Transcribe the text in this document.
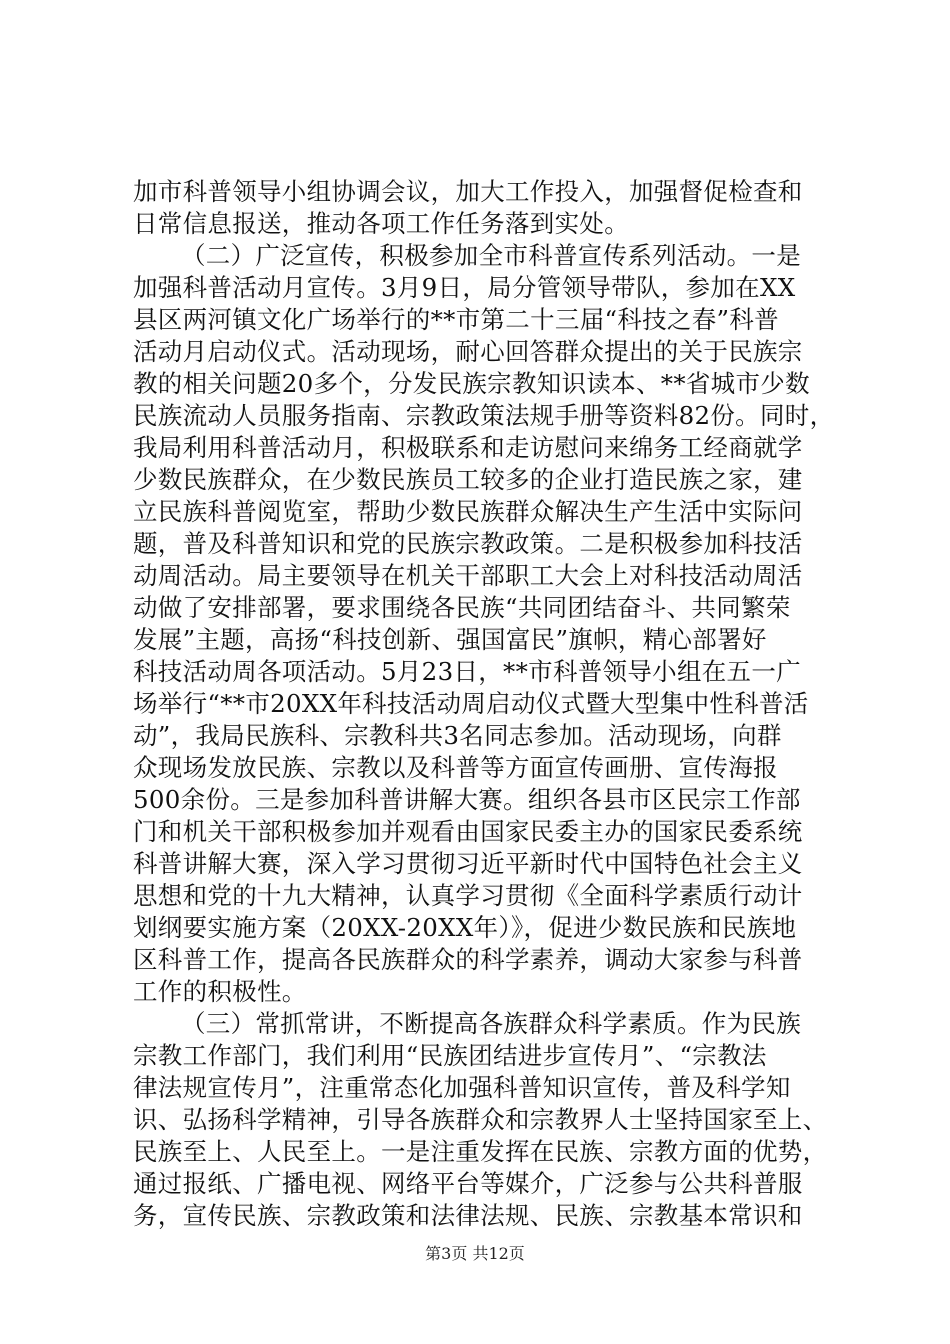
加市科普领导小组协调会议，加大工作投入，加强督促检查和
日常信息报送，推动各项工作任务落到实处。
（二）广泛宣传，积极参加全市科普宣传系列活动。一是
加强科普活动月宣传。3月9日，局分管领导带队，参加在XX
县区两河镇文化广场举行的**市第二十三届“科技之春”科普
活动月启动仪式。活动现场，耐心回答群众提出的关于民族宗
教的相关问题20多个，分发民族宗教知识读本、**省城市少数
民族流动人员服务指南、宗教政策法规手册等资料82份。同时，
我局利用科普活动月，积极联系和走访慰问来绵务工经商就学
少数民族群众，在少数民族员工较多的企业打造民族之家，建
立民族科普阅览室，帮助少数民族群众解决生产生活中实际问
题，普及科普知识和党的民族宗教政策。二是积极参加科技活
动周活动。局主要领导在机关干部职工大会上对科技活动周活
动做了安排部署，要求围绕各民族“共同团结奋斗、共同繁荣
发展”主题，高扬“科技创新、强国富民”旗帜，精心部署好
科技活动周各项活动。5月23日，**市科普领导小组在五一广
场举行“**市20XX年科技活动周启动仪式暨大型集中性科普活
动”，我局民族科、宗教科共3名同志参加。活动现场，向群
众现场发放民族、宗教以及科普等方面宣传画册、宣传海报
500余份。三是参加科普讲解大赛。组织各县市区民宗工作部
门和机关干部积极参加并观看由国家民委主办的国家民委系统
科普讲解大赛，深入学习贯彻习近平新时代中国特色社会主义
思想和党的十九大精神，认真学习贯彻《全面科学素质行动计
划纲要实施方案（20XX-20XX年）》，促进少数民族和民族地
区科普工作，提高各民族群众的科学素养，调动大家参与科普
工作的积极性。
（三）常抓常讲，不断提高各族群众科学素质。作为民族
宗教工作部门，我们利用“民族团结进步宣传月”、“宗教法
律法规宣传月”，注重常态化加强科普知识宣传，普及科学知
识、弘扬科学精神，引导各族群众和宗教界人士坚持国家至上、
民族至上、人民至上。一是注重发挥在民族、宗教方面的优势，
通过报纸、广播电视、网络平台等媒介，广泛参与公共科普服
务，宣传民族、宗教政策和法律法规、民族、宗教基本常识和
第3页 共12页
